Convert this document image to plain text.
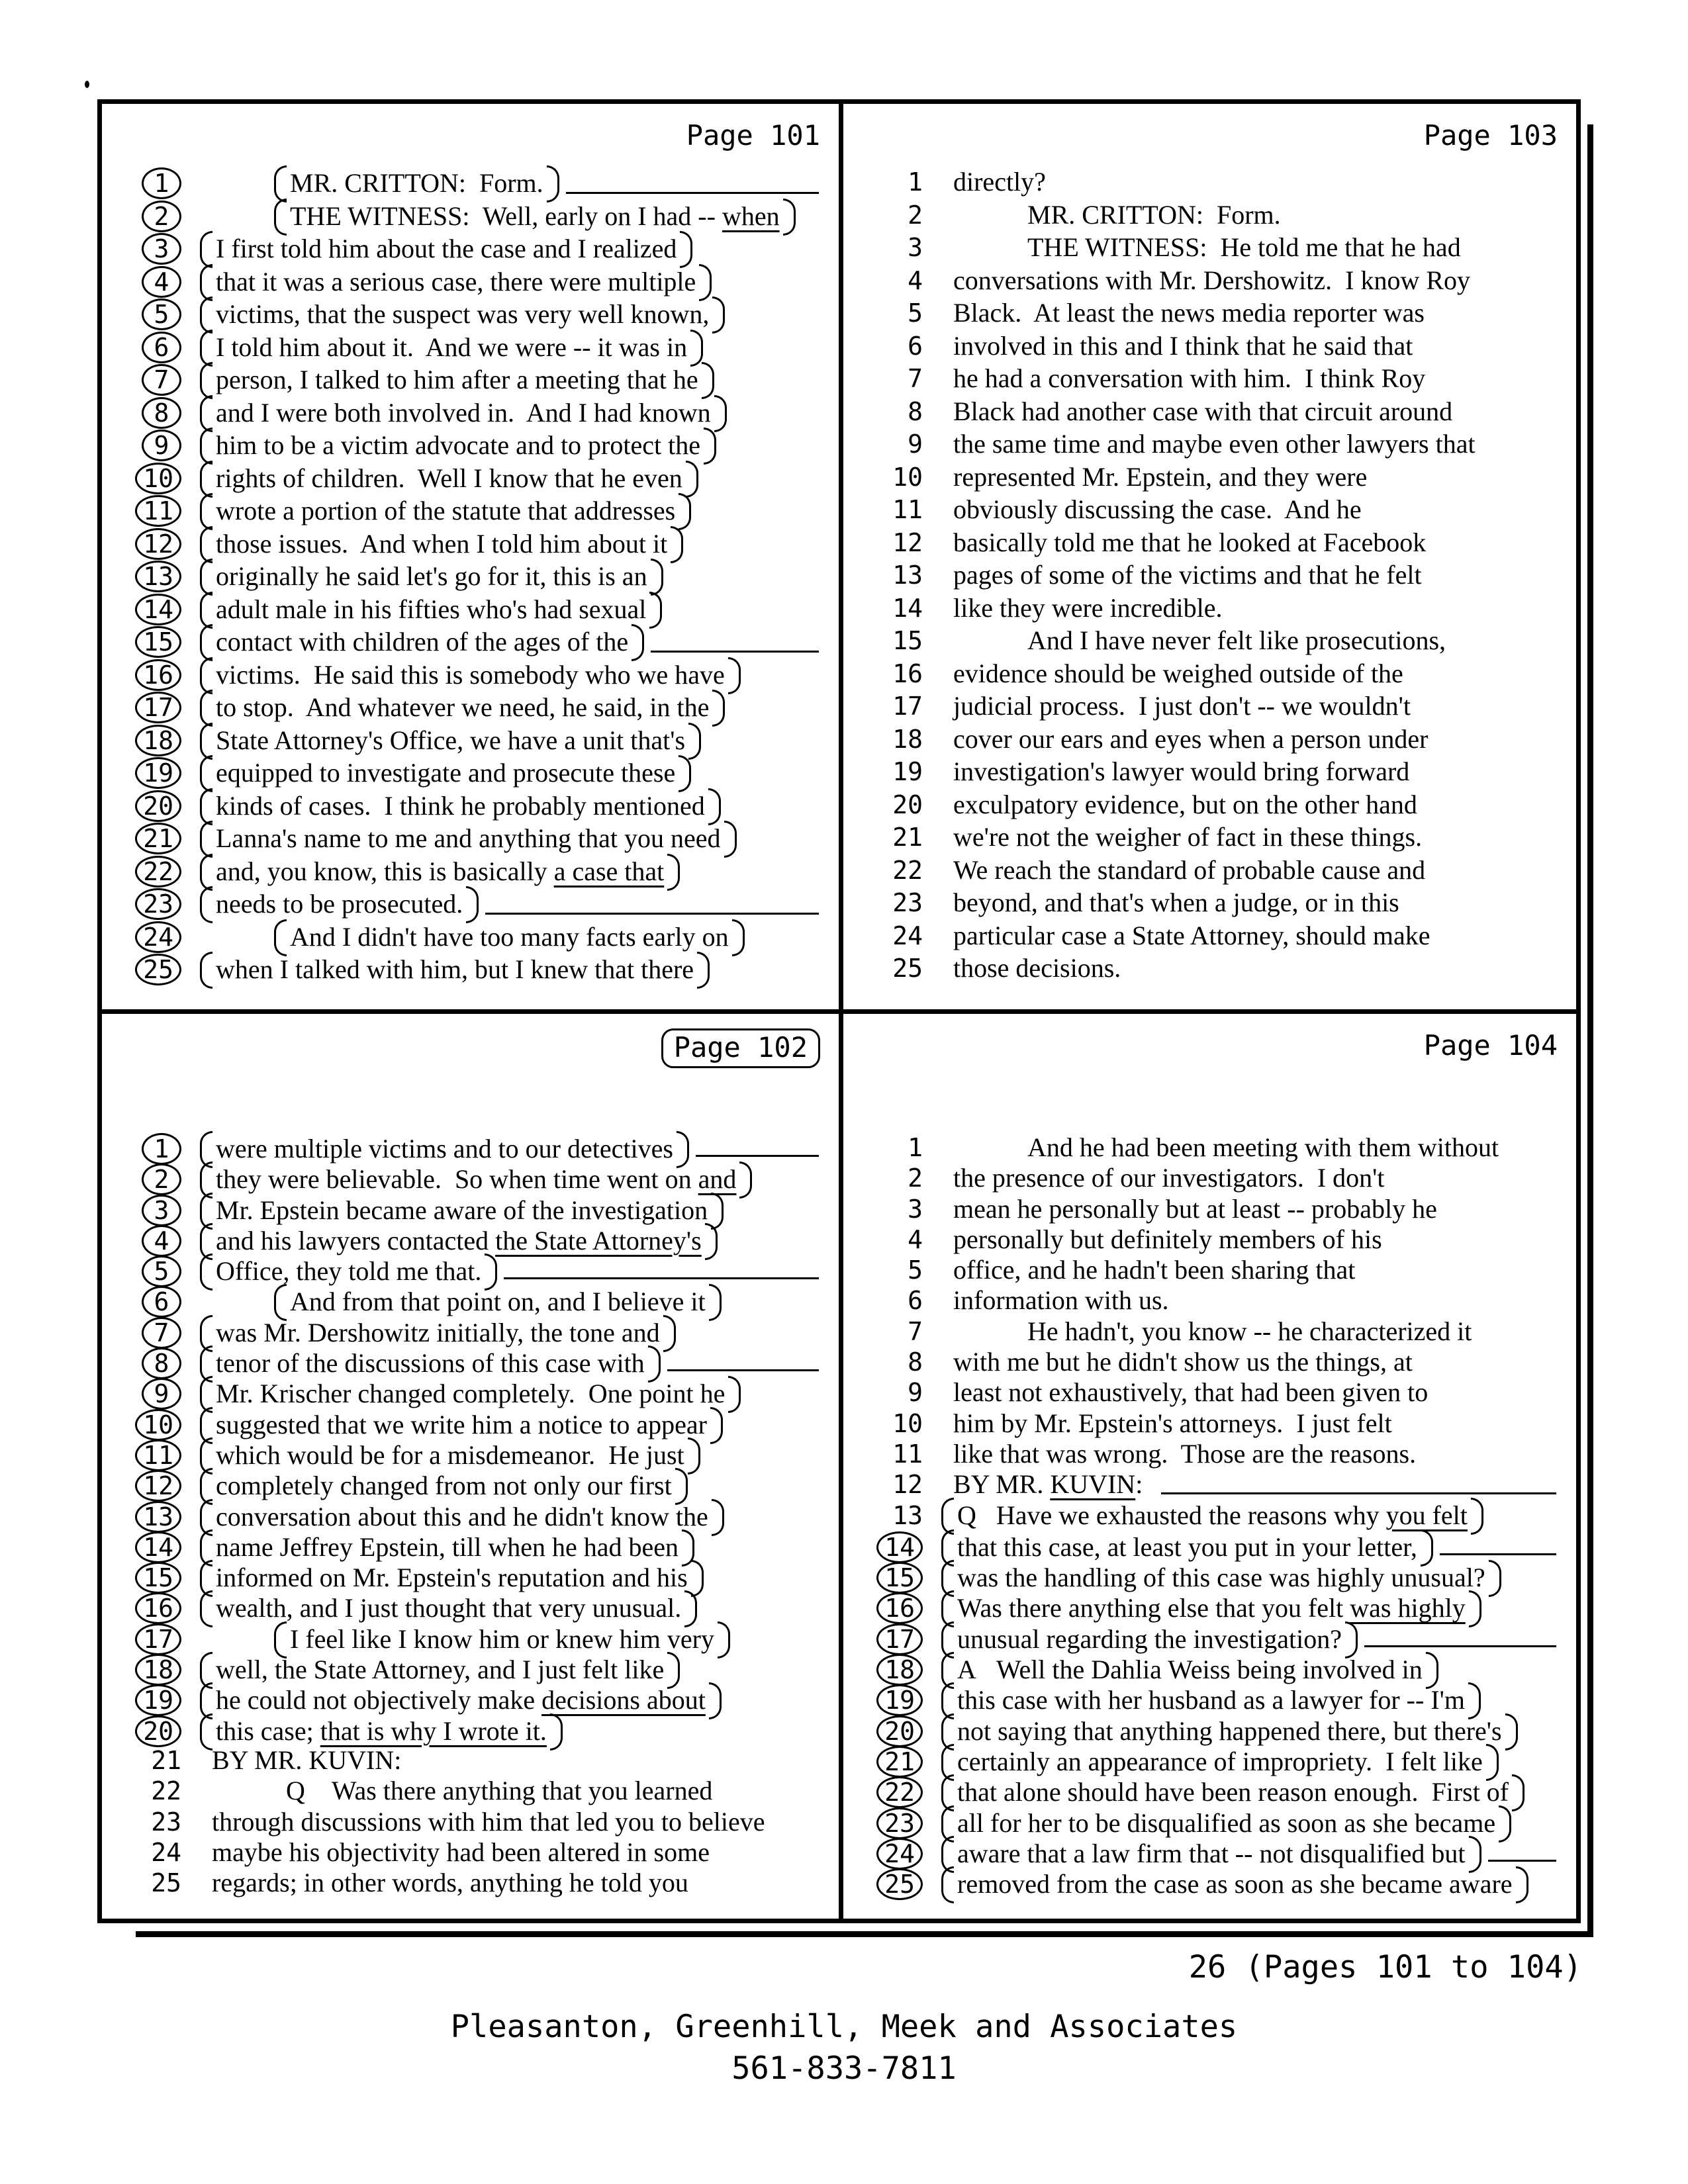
Page 101
1	MR. CRITTON:  Form.
2	THE WITNESS:  Well, early on I had -- when
3	I first told him about the case and I realized
4	that it was a serious case, there were multiple
5	victims, that the suspect was very well known,
6	I told him about it.  And we were -- it was in
7	person, I talked to him after a meeting that he
8	and I were both involved in.  And I had known
9	him to be a victim advocate and to protect the
10	rights of children.  Well I know that he even
11	wrote a portion of the statute that addresses
12	those issues.  And when I told him about it
13	originally he said let's go for it, this is an
14	adult male in his fifties who's had sexual
15	contact with children of the ages of the
16	victims.  He said this is somebody who we have
17	to stop.  And whatever we need, he said, in the
18	State Attorney's Office, we have a unit that's
19	equipped to investigate and prosecute these
20	kinds of cases.  I think he probably mentioned
21	Lanna's name to me and anything that you need
22	and, you know, this is basically a case that
23	needs to be prosecuted.
24	And I didn't have too many facts early on
25	when I talked with him, but I knew that there
Page 103
1 directly?
2	MR. CRITTON:  Form.
3	THE WITNESS:  He told me that he had
4 conversations with Mr. Dershowitz.  I know Roy
5 Black.  At least the news media reporter was
6 involved in this and I think that he said that
7 he had a conversation with him.  I think Roy
8 Black had another case with that circuit around
9 the same time and maybe even other lawyers that
10 represented Mr. Epstein, and they were
11 obviously discussing the case.  And he
12 basically told me that he looked at Facebook
13 pages of some of the victims and that he felt
14 like they were incredible.
15	And I have never felt like prosecutions,
16 evidence should be weighed outside of the
17 judicial process.  I just don't -- we wouldn't
18 cover our ears and eyes when a person under
19 investigation's lawyer would bring forward
20 exculpatory evidence, but on the other hand
21 we're not the weigher of fact in these things.
22 We reach the standard of probable cause and
23 beyond, and that's when a judge, or in this
24 particular case a State Attorney, should make
25 those decisions.
Page 102
1	were multiple victims and to our detectives
2	they were believable.  So when time went on and
3	Mr. Epstein became aware of the investigation
4	and his lawyers contacted the State Attorney's
5	Office, they told me that.
6	And from that point on, and I believe it
7	was Mr. Dershowitz initially, the tone and
8	tenor of the discussions of this case with
9	Mr. Krischer changed completely.  One point he
10	suggested that we write him a notice to appear
11	which would be for a misdemeanor.  He just
12	completely changed from not only our first
13	conversation about this and he didn't know the
14	name Jeffrey Epstein, till when he had been
15	informed on Mr. Epstein's reputation and his
16	wealth, and I just thought that very unusual.
17	I feel like I know him or knew him very
18	well, the State Attorney, and I just felt like
19	he could not objectively make decisions about
20	this case; that is why I wrote it.
21 BY MR. KUVIN:
22	Q    Was there anything that you learned
23 through discussions with him that led you to believe
24 maybe his objectivity had been altered in some
25 regards; in other words, anything he told you
Page 104
1	And he had been meeting with them without
2 the presence of our investigators.  I don't
3 mean he personally but at least -- probably he
4 personally but definitely members of his
5 office, and he hadn't been sharing that
6 information with us.
7	He hadn't, you know -- he characterized it
8 with me but he didn't show us the things, at
9 least not exhaustively, that had been given to
10 him by Mr. Epstein's attorneys.  I just felt
11 like that was wrong.  Those are the reasons.
12 BY MR. KUVIN:
13 Q   Have we exhausted the reasons why you felt
14	that this case, at least you put in your letter,
15	was the handling of this case was highly unusual?
16	Was there anything else that you felt was highly
17	unusual regarding the investigation?
18	A   Well the Dahlia Weiss being involved in
19	this case with her husband as a lawyer for -- I'm
20	not saying that anything happened there, but there's
21	certainly an appearance of impropriety.  I felt like
22	that alone should have been reason enough.  First of
23	all for her to be disqualified as soon as she became
24	aware that a law firm that -- not disqualified but
25	removed from the case as soon as she became aware
26 (Pages 101 to 104)
Pleasanton, Greenhill, Meek and Associates
561-833-7811
